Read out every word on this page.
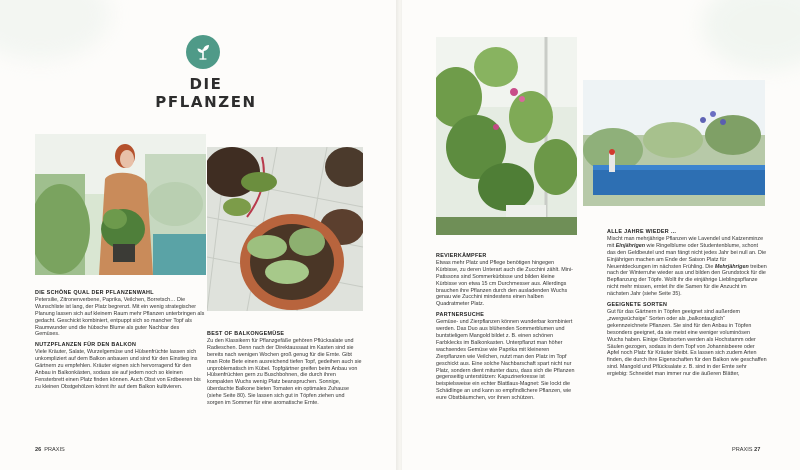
DIE PFLANZEN
DIE SCHÖNE QUAL DER PFLANZENWAHL

Petersilie, Zitronenverbene, Paprika, Veilchen, Borretsch… Die Wunschliste ist lang, der Platz begrenzt. Mit ein wenig strategischer Planung lassen sich auf kleinem Raum mehr Pflanzen unterbringen als gedacht. Geschickt kombiniert, entpuppt sich so mancher Topf als Raumwunder und die hübsche Blume als guter Nachbar des Gemüses.

NUTZPFLANZEN FÜR DEN BALKON

Viele Kräuter, Salate, Wurzelgemüse und Hülsenfrüchte lassen sich unkompliziert auf dem Balkon anbauen und sind für den Einstieg ins Gärtnern zu empfehlen. Kräuter eignen sich hervorragend für den Anbau in Balkonkästen, sodass sie auf jedem noch so kleinen Fensterbrett einen Platz finden können. Auch Obst von Erdbeeren bis zu kleinen Obstgehölzen könnt ihr auf dem Balkon kultivieren.

BEST OF BALKONGEMÜSE

Zu den Klassikern für Pflanzgefäße gehören Pflücksalate und Radieschen. Denn nach der Direktaussaat im Kasten sind sie bereits nach wenigen Wochen groß genug für die Ernte. Gibt man Rote Bete einen ausreichend tiefen Topf, gedeihen auch sie unproblematisch im Kübel. Topfgärtner greifen beim Anbau von Hülsenfrüchten gern zu Buschbohnen, die durch ihren kompakten Wuchs wenig Platz beanspruchen. Sonnige, überdachte Balkone bieten Tomaten ein optimales Zuhause (siehe Seite 80). Sie lassen sich gut in Töpfen ziehen und sorgen im Sommer für eine aromatische Ernte.

26 PRAXIS
REVIERKÄMPFER

Etwas mehr Platz und Pflege benötigen hingegen Kürbisse, zu deren Unterart auch die Zucchini zählt. Mini-Patissons sind Sommerkürbisse und bilden kleine Kürbisse von etwa 15 cm Durchmesser aus. Allerdings brauchen ihre Pflanzen durch den ausladenden Wuchs genau wie Zucchini mindestens einen halben Quadratmeter Platz.

PARTNERSUCHE

Gemüse- und Zierpflanzen können wunderbar kombiniert werden. Das Duo aus blühenden Sommerblumen und buntstieligem Mangold bildet z. B. einen schönen Farbklecks im Balkonkasten. Unterpflanzt man höher wachsendes Gemüse wie Paprika mit kleineren Zierpflanzen wie Veilchen, nutzt man den Platz im Topf geschickt aus. Eine solche Nachbarschaft spart nicht nur Platz, sondern dient mitunter dazu, dass sich die Pflanzen gegenseitig unterstützen: Kapuzinerkresse ist beispielsweise ein echter Blattlaus-Magnet: Sie lockt die Schädlinge an und kann so empfindlichere Pflanzen, wie eure Obstbäumchen, vor ihnen schützen.

ALLE JAHRE WIEDER …

Mischt man mehrjährige Pflanzen wie Lavendel und Katzenminze mit Einjährigen wie Ringelblume oder Studentenblume, schont das den Geldbeutel und man fängt nicht jedes Jahr bei null an. Die Einjährigen machen am Ende der Saison Platz für Neuentdeckungen im nächsten Frühling. Die Mehrjährigen treiben nach der Winterruhe wieder aus und bilden den Grundstock für die Bepflanzung der Töpfe. Wollt ihr die einjährige Lieblingspflanze nicht mehr missen, erntet ihr die Samen für die Anzucht im nächsten Jahr (siehe Seite 35).

GEEIGNETE SORTEN

Gut für das Gärtnern in Töpfen geeignet sind außerdem „zwergwüchsige“ Sorten oder als „balkontauglich“ gekennzeichnete Pflanzen. Sie sind für den Anbau in Töpfen besonders geeignet, da sie meist eine weniger voluminösen Wuchs haben. Einige Obstsorten werden als Hochstamm oder Säulen gezogen, sodass in dem Topf von Johannisbeere oder Apfel noch Platz für Kräuter bleibt. Es lassen sich zudem Arten finden, die durch ihre Eigenschaften für den Balkon wie geschaffen sind. Mangold und Pflücksalate z. B. sind in der Ernte sehr ergiebig: Schneidet man immer nur die äußeren Blätter,

PRAXIS 27
